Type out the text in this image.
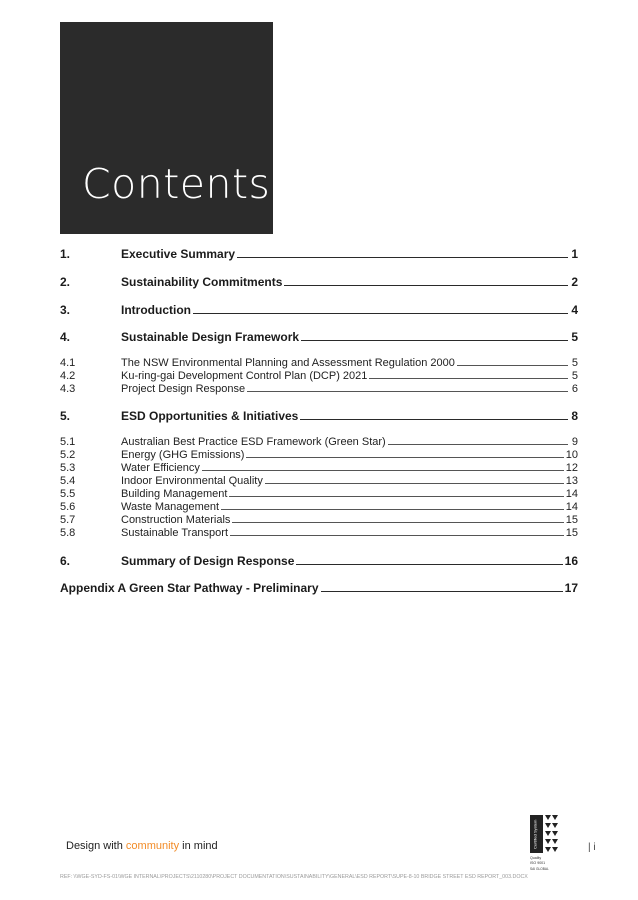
Contents
1.	Executive Summary	1
2.	Sustainability Commitments	2
3.	Introduction	4
4.	Sustainable Design Framework	5
4.1	The NSW Environmental Planning and Assessment Regulation 2000	5
4.2	Ku-ring-gai Development Control Plan (DCP) 2021	5
4.3	Project Design Response	6
5.	ESD Opportunities & Initiatives	8
5.1	Australian Best Practice ESD Framework (Green Star)	9
5.2	Energy (GHG Emissions)	10
5.3	Water Efficiency	12
5.4	Indoor Environmental Quality	13
5.5	Building Management	14
5.6	Waste Management	14
5.7	Construction Materials	15
5.8	Sustainable Transport	15
6.	Summary of Design Response	16
Appendix A Green Star Pathway - Preliminary	17
Design with community in mind	Certified System
Quality
ISO 9001
SAI GLOBAL
| i
REF: \\WGE-SYD-FS-01\WGE INTERNAL\PROJECTS\2110280\PROJECT DOCUMENTATION\SUSTAINABILITY\GENERAL\ESD REPORT\SUPE-8-10 BRIDGE STREET ESD REPORT_003.DOCX
